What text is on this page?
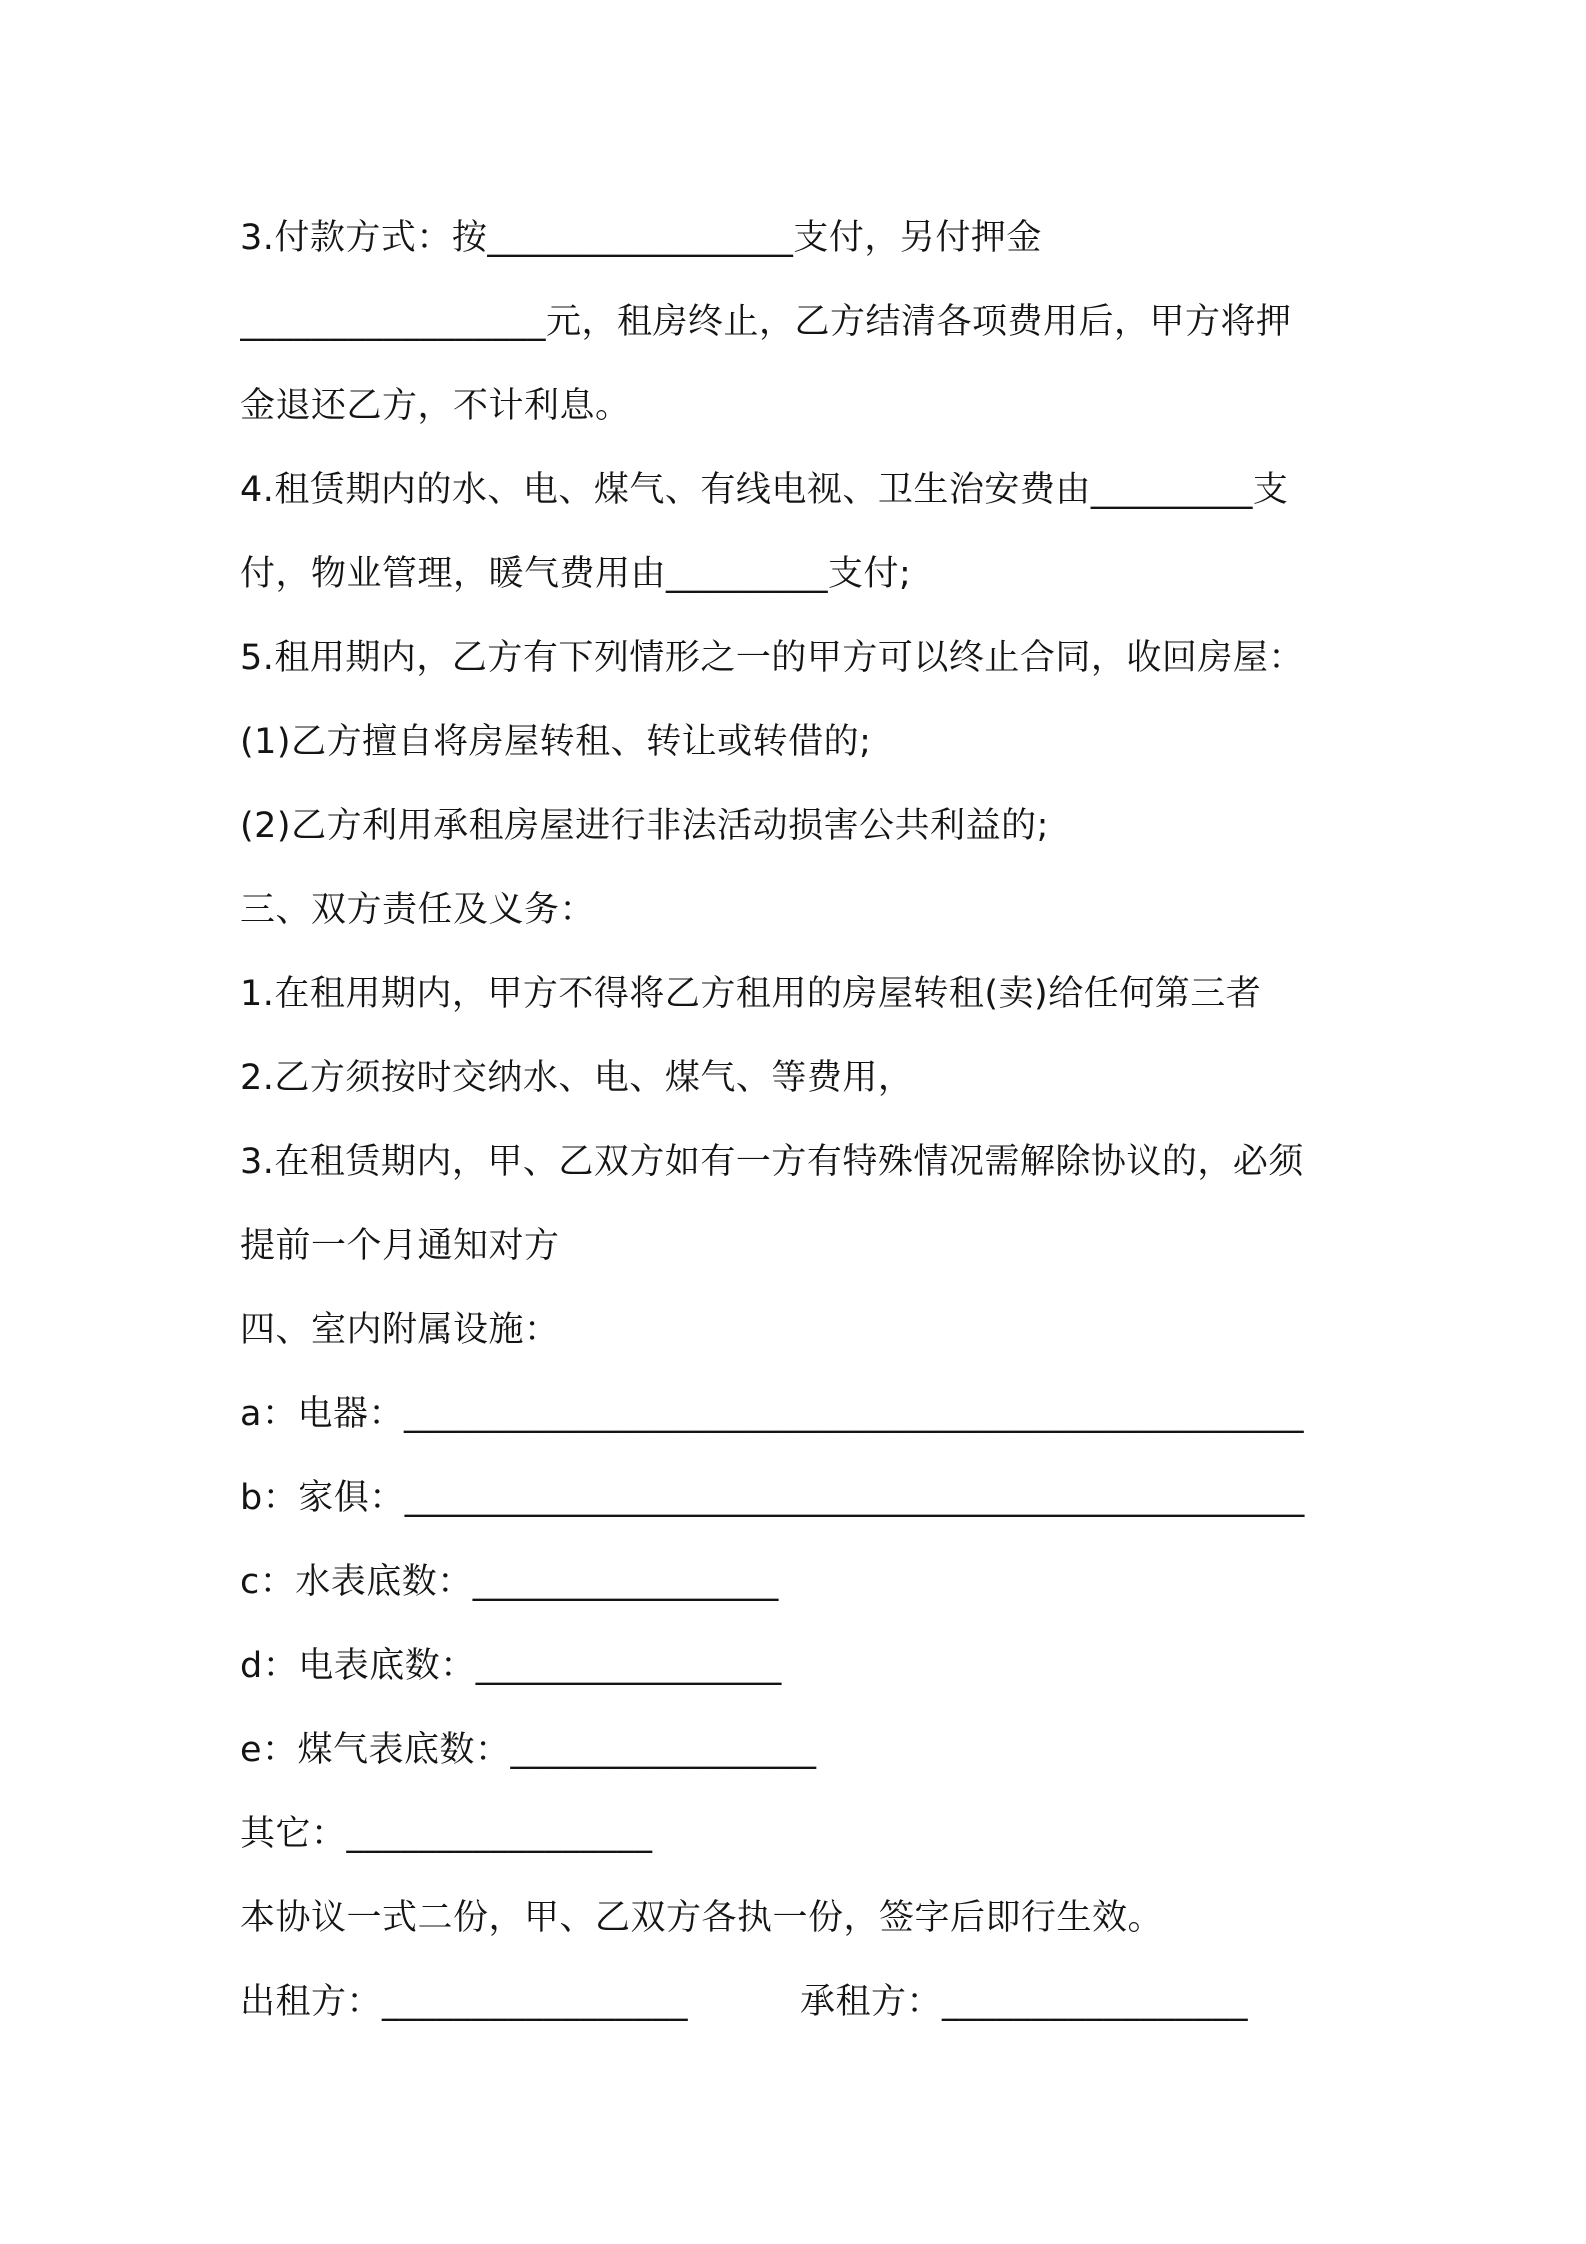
3.付款方式：按_________________支付，另付押金
_________________元，租房终止，乙方结清各项费用后，甲方将押
金退还乙方，不计利息。
4.租赁期内的水、电、煤气、有线电视、卫生治安费由_________支
付，物业管理，暖气费用由_________支付;
5.租用期内，乙方有下列情形之一的甲方可以终止合同，收回房屋：
(1)乙方擅自将房屋转租、转让或转借的;
(2)乙方利用承租房屋进行非法活动损害公共利益的;
三、双方责任及义务：
1.在租用期内，甲方不得将乙方租用的房屋转租(卖)给任何第三者
2.乙方须按时交纳水、电、煤气、等费用，
3.在租赁期内，甲、乙双方如有一方有特殊情况需解除协议的，必须
提前一个月通知对方
四、室内附属设施：
a：电器：__________________________________________________
b：家俱：__________________________________________________
c：水表底数：_________________
d：电表底数：_________________
e：煤气表底数：_________________
其它：_________________
本协议一式二份，甲、乙双方各执一份，签字后即行生效。
出租方：_________________	承租方：_________________
